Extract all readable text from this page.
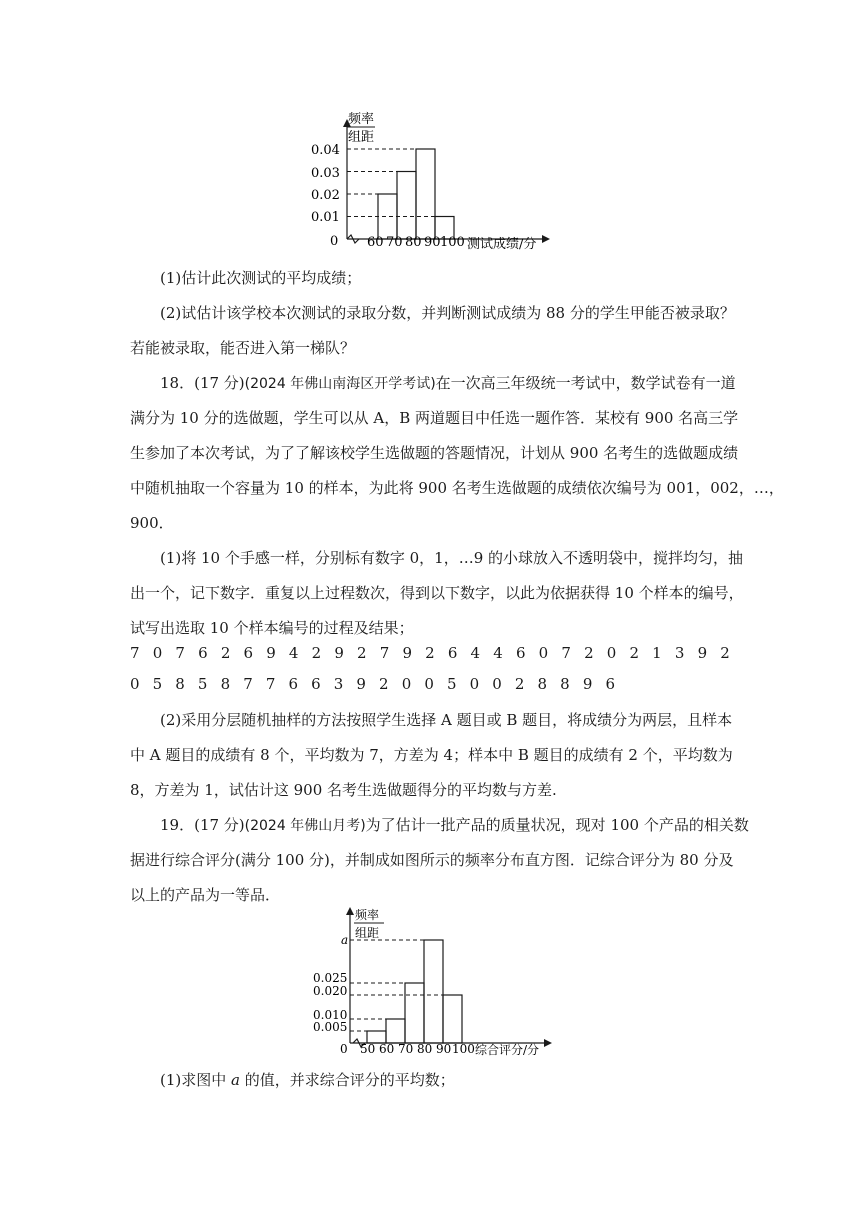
频率
组距
0.04
0.03
0.02
0.01
0 60 70 80 90 100 测试成绩/分

(1)估计此次测试的平均成绩；

(2)试估计该学校本次测试的录取分数，并判断测试成绩为 88 分的学生甲能否被录取？

若能被录取，能否进入第一梯队？

18．(17 分)(2024 年佛山南海区开学考试)在一次高三年级统一考试中，数学试卷有一道

满分为 10 分的选做题，学生可以从 A，B 两道题目中任选一题作答．某校有 900 名高三学

生参加了本次考试，为了了解该校学生选做题的答题情况，计划从 900 名考生的选做题成绩

中随机抽取一个容量为 10 的样本，为此将 900 名考生选做题的成绩依次编号为 001，002，…，

900．

(1)将 10 个手感一样，分别标有数字 0，1，…9 的小球放入不透明袋中，搅拌均匀，抽

出一个，记下数字．重复以上过程数次，得到以下数字，以此为依据获得 10 个样本的编号，

试写出选取 10 个样本编号的过程及结果；

7 0 7 6 2 6 9 4 2 9 2 7 9 2 6 4 4 6 0 7 2 0 2 1 3 9 2
0 5 8 5 8 7 7 6 6 3 9 2 0 0 5 0 0 2 8 8 9 6

(2)采用分层随机抽样的方法按照学生选择 A 题目或 B 题目，将成绩分为两层，且样本

中 A 题目的成绩有 8 个，平均数为 7，方差为 4；样本中 B 题目的成绩有 2 个，平均数为

8，方差为 1，试估计这 900 名考生选做题得分的平均数与方差.

19．(17 分)(2024 年佛山月考)为了估计一批产品的质量状况，现对 100 个产品的相关数

据进行综合评分(满分 100 分)，并制成如图所示的频率分布直方图．记综合评分为 80 分及

以上的产品为一等品．

频率
组距
a
0.025
0.020
0.010
0.005
0 50 60 70 80 90 100 综合评分/分

(1)求图中 a 的值，并求综合评分的平均数；
